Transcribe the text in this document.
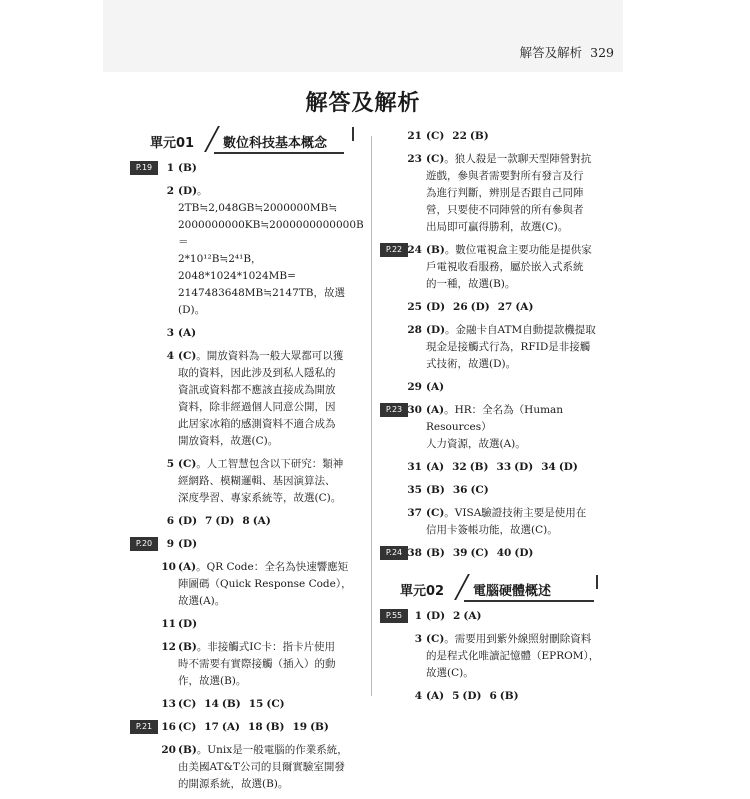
解答及解析 329
解答及解析
單元01 數位科技基本概念
P.19	1 (B)
2 (D)。2TB≒2,048GB≒2000000MB≒
2000000000KB≒2000000000000B＝
2*10¹²B≒2⁴¹B，2048*1024*1024MB=
2147483648MB≒2147TB，故選(D)。
3 (A)
4 (C)。開放資料為一般大眾都可以獲
取的資料，因此涉及到私人隱私的
資訊或資料都不應該直接成為開放
資料，除非經過個人同意公開，因
此居家冰箱的感測資料不適合成為
開放資料，故選(C)。
5 (C)。人工智慧包含以下研究：類神
經網路、模糊邏輯、基因演算法、
深度學習、專家系統等，故選(C)。
6 (D) 7 (D) 8 (A)
P.20	9 (D)
10 (A)。QR Code：全名為快速響應矩
陣圖碼（Quick Response Code），
故選(A)。
11 (D)
12 (B)。非接觸式IC卡：指卡片使用
時不需要有實際接觸（插入）的動
作，故選(B)。
13 (C) 14 (B) 15 (C)
P.21 16 (C) 17 (A) 18 (B) 19 (B)
20 (B)。Unix是一般電腦的作業系統，
由美國AT&T公司的貝爾實驗室開發
的開源系統，故選(B)。
21 (C) 22 (B)
23 (C)。狼人殺是一款聊天型陣營對抗
遊戲，參與者需要對所有發言及行
為進行判斷，辨別是否跟自己同陣
營，只要使不同陣營的所有參與者
出局即可贏得勝利，故選(C)。
P.22 24 (B)。數位電視盒主要功能是提供家
戶電視收看服務，屬於嵌入式系統
的一種，故選(B)。
25 (D) 26 (D) 27 (A)
28 (D)。金融卡自ATM自動提款機提取
現金是接觸式行為，RFID是非接觸
式技術，故選(D)。
29 (A)
P.23 30 (A)。HR：全名為（Human Resources）
人力資源，故選(A)。
31 (A) 32 (B) 33 (D) 34 (D)
35 (B) 36 (C)
37 (C)。VISA驗證技術主要是使用在
信用卡簽帳功能，故選(C)。
P.24 38 (B) 39 (C) 40 (D)
單元02 電腦硬體概述
P.55	1 (D) 2 (A)
3 (C)。需要用到紫外線照射刪除資料
的是程式化唯讀記憶體（EPROM），
故選(C)。
4 (A) 5 (D) 6 (B)
